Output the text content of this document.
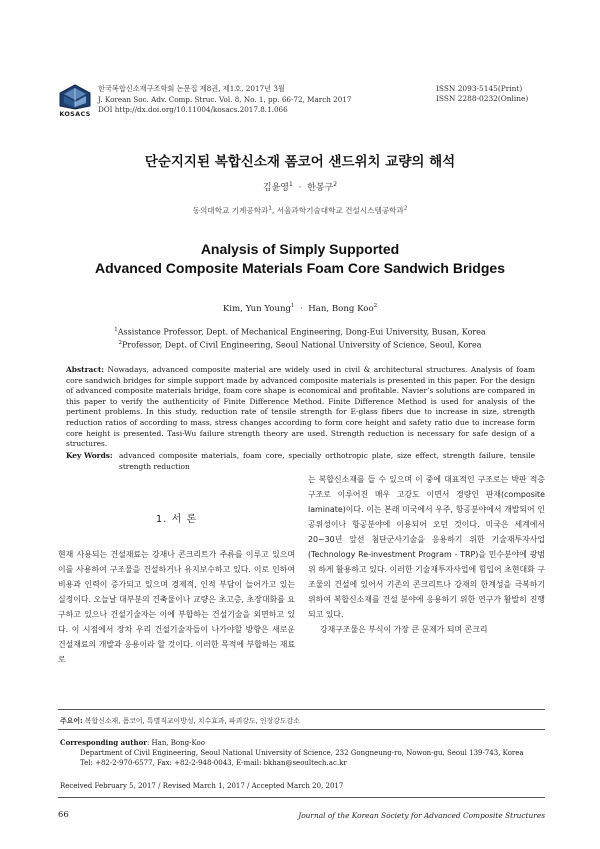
KOSACS
한국복합신소재구조학회 논문집 제8권, 제1호, 2017년 3월
J. Korean Soc. Adv. Comp. Struc. Vol. 8, No. 1, pp. 66-72, March 2017
DOI http://dx.doi.org/10.11004/kosacs.2017.8.1.066
ISSN 2093-5145(Print)
ISSN 2288-0232(Online)
단순지지된 복합신소재 폼코어 샌드위치 교량의 해석
김윤영$^1$ · 한봉구$^2$
동의대학교 기계공학과$^1$, 서울과학기술대학교 건설시스템공학과$^2$
Analysis of Simply Supported
Advanced Composite Materials Foam Core Sandwich Bridges
Kim, Yun Young$^1$ · Han, Bong Koo$^2$
$^1$Assistance Professor, Dept. of Mechanical Engineering, Dong-Eui University, Busan, Korea
$^2$Professor, Dept. of Civil Engineering, Seoul National University of Science, Seoul, Korea
Abstract: Nowadays, advanced composite material are widely used in civil & architectural structures. Analysis of foam core sandwich bridges for simple support made by advanced composite materials is presented in this paper. For the design of advanced composite materials bridge, foam core shape is economical and profitable. Navier’s solutions are compared in this paper to verify the authenticity of Finite Difference Method. Finite Difference Method is used for analysis of the pertinent problems. In this study, reduction rate of tensile strength for E-glass fibers due to increase in size, strength reduction ratios of according to mass, stress changes according to form core height and safety ratio due to increase form core height is presented. Tasi-Wu failure strength theory are used. Strength reduction is necessary for safe design of a structures.
Key Words: advanced composite materials, foam core, specially orthotropic plate, size effect, strength failure, tensile strength reduction
1. 서 론
현재 사용되는 건설재료는 강재나 콘크리트가 주류를 이루고 있으며 이를 사용하여 구조물을 건설하거나 유지보수하고 있다. 이로 인하여 비용과 인력이 증가되고 있으며 경제적, 인적 부담이 늘어가고 있는 실정이다. 오늘날 대부분의 건축물이나 교량은 초고층, 초장대화를 요구하고 있으나 건설기술자는 이에 부합하는 건설기술을 외면하고 있다. 이 시점에서 장차 우리 건설기술자들이 나가야할 방향은 새로운 건설재료의 개발과 응용이라 할 것이다. 이러한 목적에 부합하는 재료로
는 복합신소재를 들 수 있으며 이 중에 대표적인 구조로는 박판 적층 구조로 이루어진 매우 고강도 이면서 경량인 판재(composite laminate)이다. 이는 본래 미국에서 우주, 항공분야에서 개발되어 인공위성이나 항공분야에 이용되어 오던 것이다. 미국은 세계에서 20∼30년 앞선 첨단군사기술을 응용하기 위한 기술재투자사업(Technology Re-investment Program - TRP)을 민수분야에 광범위 하게 활용하고 있다. 이러한 기술재투자사업에 힘입어 초현대화 구조물의 건설에 있어서 기존의 콘크리트나 강재의 한계성을 극복하기 위하여 복합신소재를 건설 분야에 응용하기 위한 연구가 활발히 진행되고 있다.
강재구조물은 부식이 가장 큰 문제가 되며 콘크리
주요어: 복합신소재, 폼코어, 특별직교이방성, 치수효과, 파괴강도, 인장강도감소
Corresponding author: Han, Bong-Koo
Department of Civil Engineering, Seoul National University of Science, 232 Gongneung-ro, Nowon-gu, Seoul 139-743, Korea
Tel: +82-2-970-6577, Fax: +82-2-948-0043, E-mail: bkhan@seoultech.ac.kr
Received February 5, 2017 / Revised March 1, 2017 / Accepted March 20, 2017
66	Journal of the Korean Society for Advanced Composite Structures
